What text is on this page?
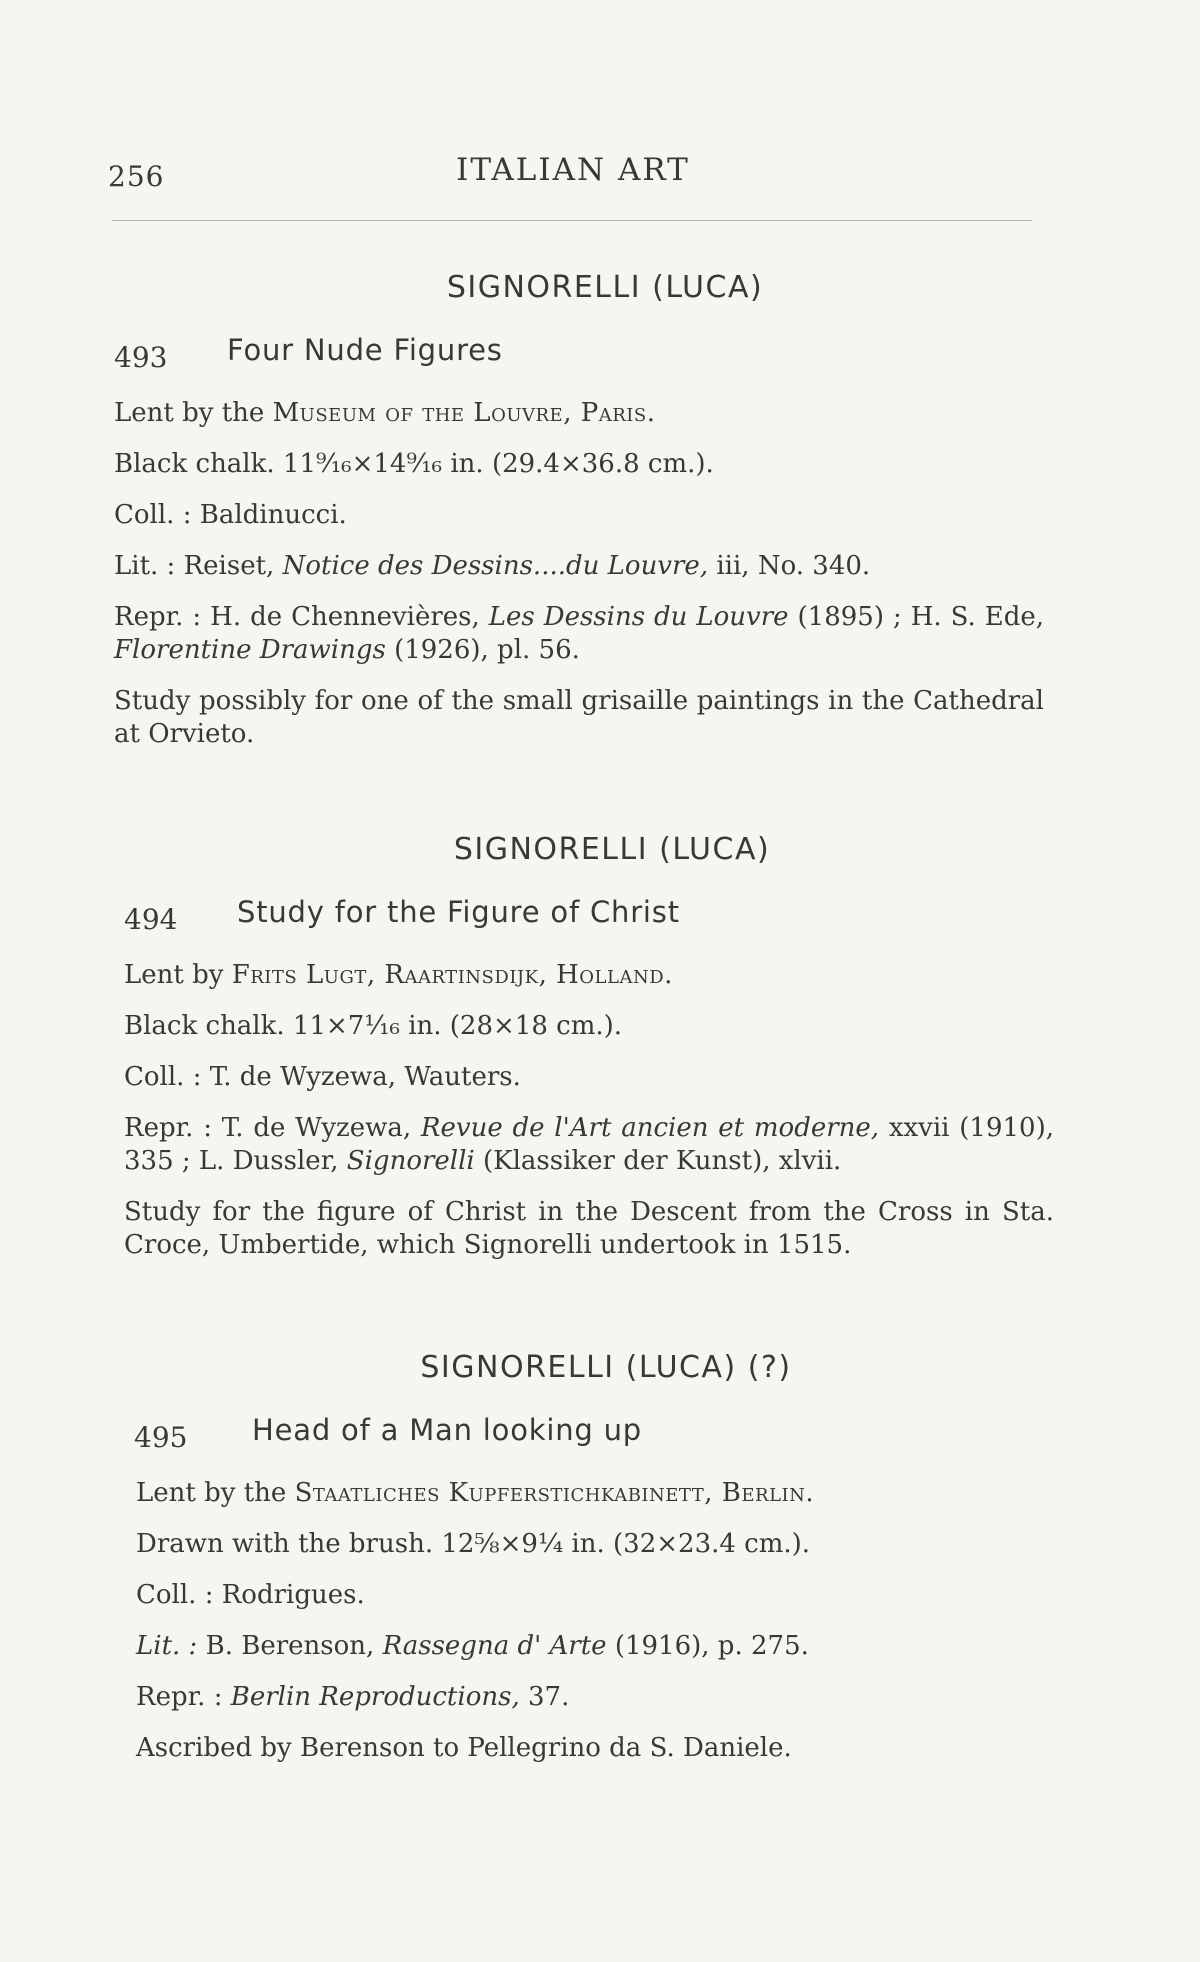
256	ITALIAN ART
SIGNORELLI (LUCA)
493 Four Nude Figures
Lent by the Museum of the Louvre, Paris.
Black chalk. 11⁹⁄₁₆×14⁹⁄₁₆ in. (29.4×36.8 cm.).
Coll. : Baldinucci.
Lit. : Reiset, Notice des Dessins....du Louvre, iii, No. 340.
Repr. : H. de Chennevières, Les Dessins du Louvre (1895) ; H. S. Ede, Florentine Drawings (1926), pl. 56.
Study possibly for one of the small grisaille paintings in the Cathedral at Orvieto.
SIGNORELLI (LUCA)
494 Study for the Figure of Christ
Lent by Frits Lugt, Raartinsdijk, Holland.
Black chalk. 11×7¹⁄₁₆ in. (28×18 cm.).
Coll. : T. de Wyzewa, Wauters.
Repr. : T. de Wyzewa, Revue de l'Art ancien et moderne, xxvii (1910), 335 ; L. Dussler, Signorelli (Klassiker der Kunst), xlvii.
Study for the figure of Christ in the Descent from the Cross in Sta. Croce, Umbertide, which Signorelli undertook in 1515.
SIGNORELLI (LUCA) (?)
495 Head of a Man looking up
Lent by the Staatliches Kupferstichkabinett, Berlin.
Drawn with the brush. 12⅝×9¼ in. (32×23.4 cm.).
Coll. : Rodrigues.
Lit. : B. Berenson, Rassegna d' Arte (1916), p. 275.
Repr. : Berlin Reproductions, 37.
Ascribed by Berenson to Pellegrino da S. Daniele.
